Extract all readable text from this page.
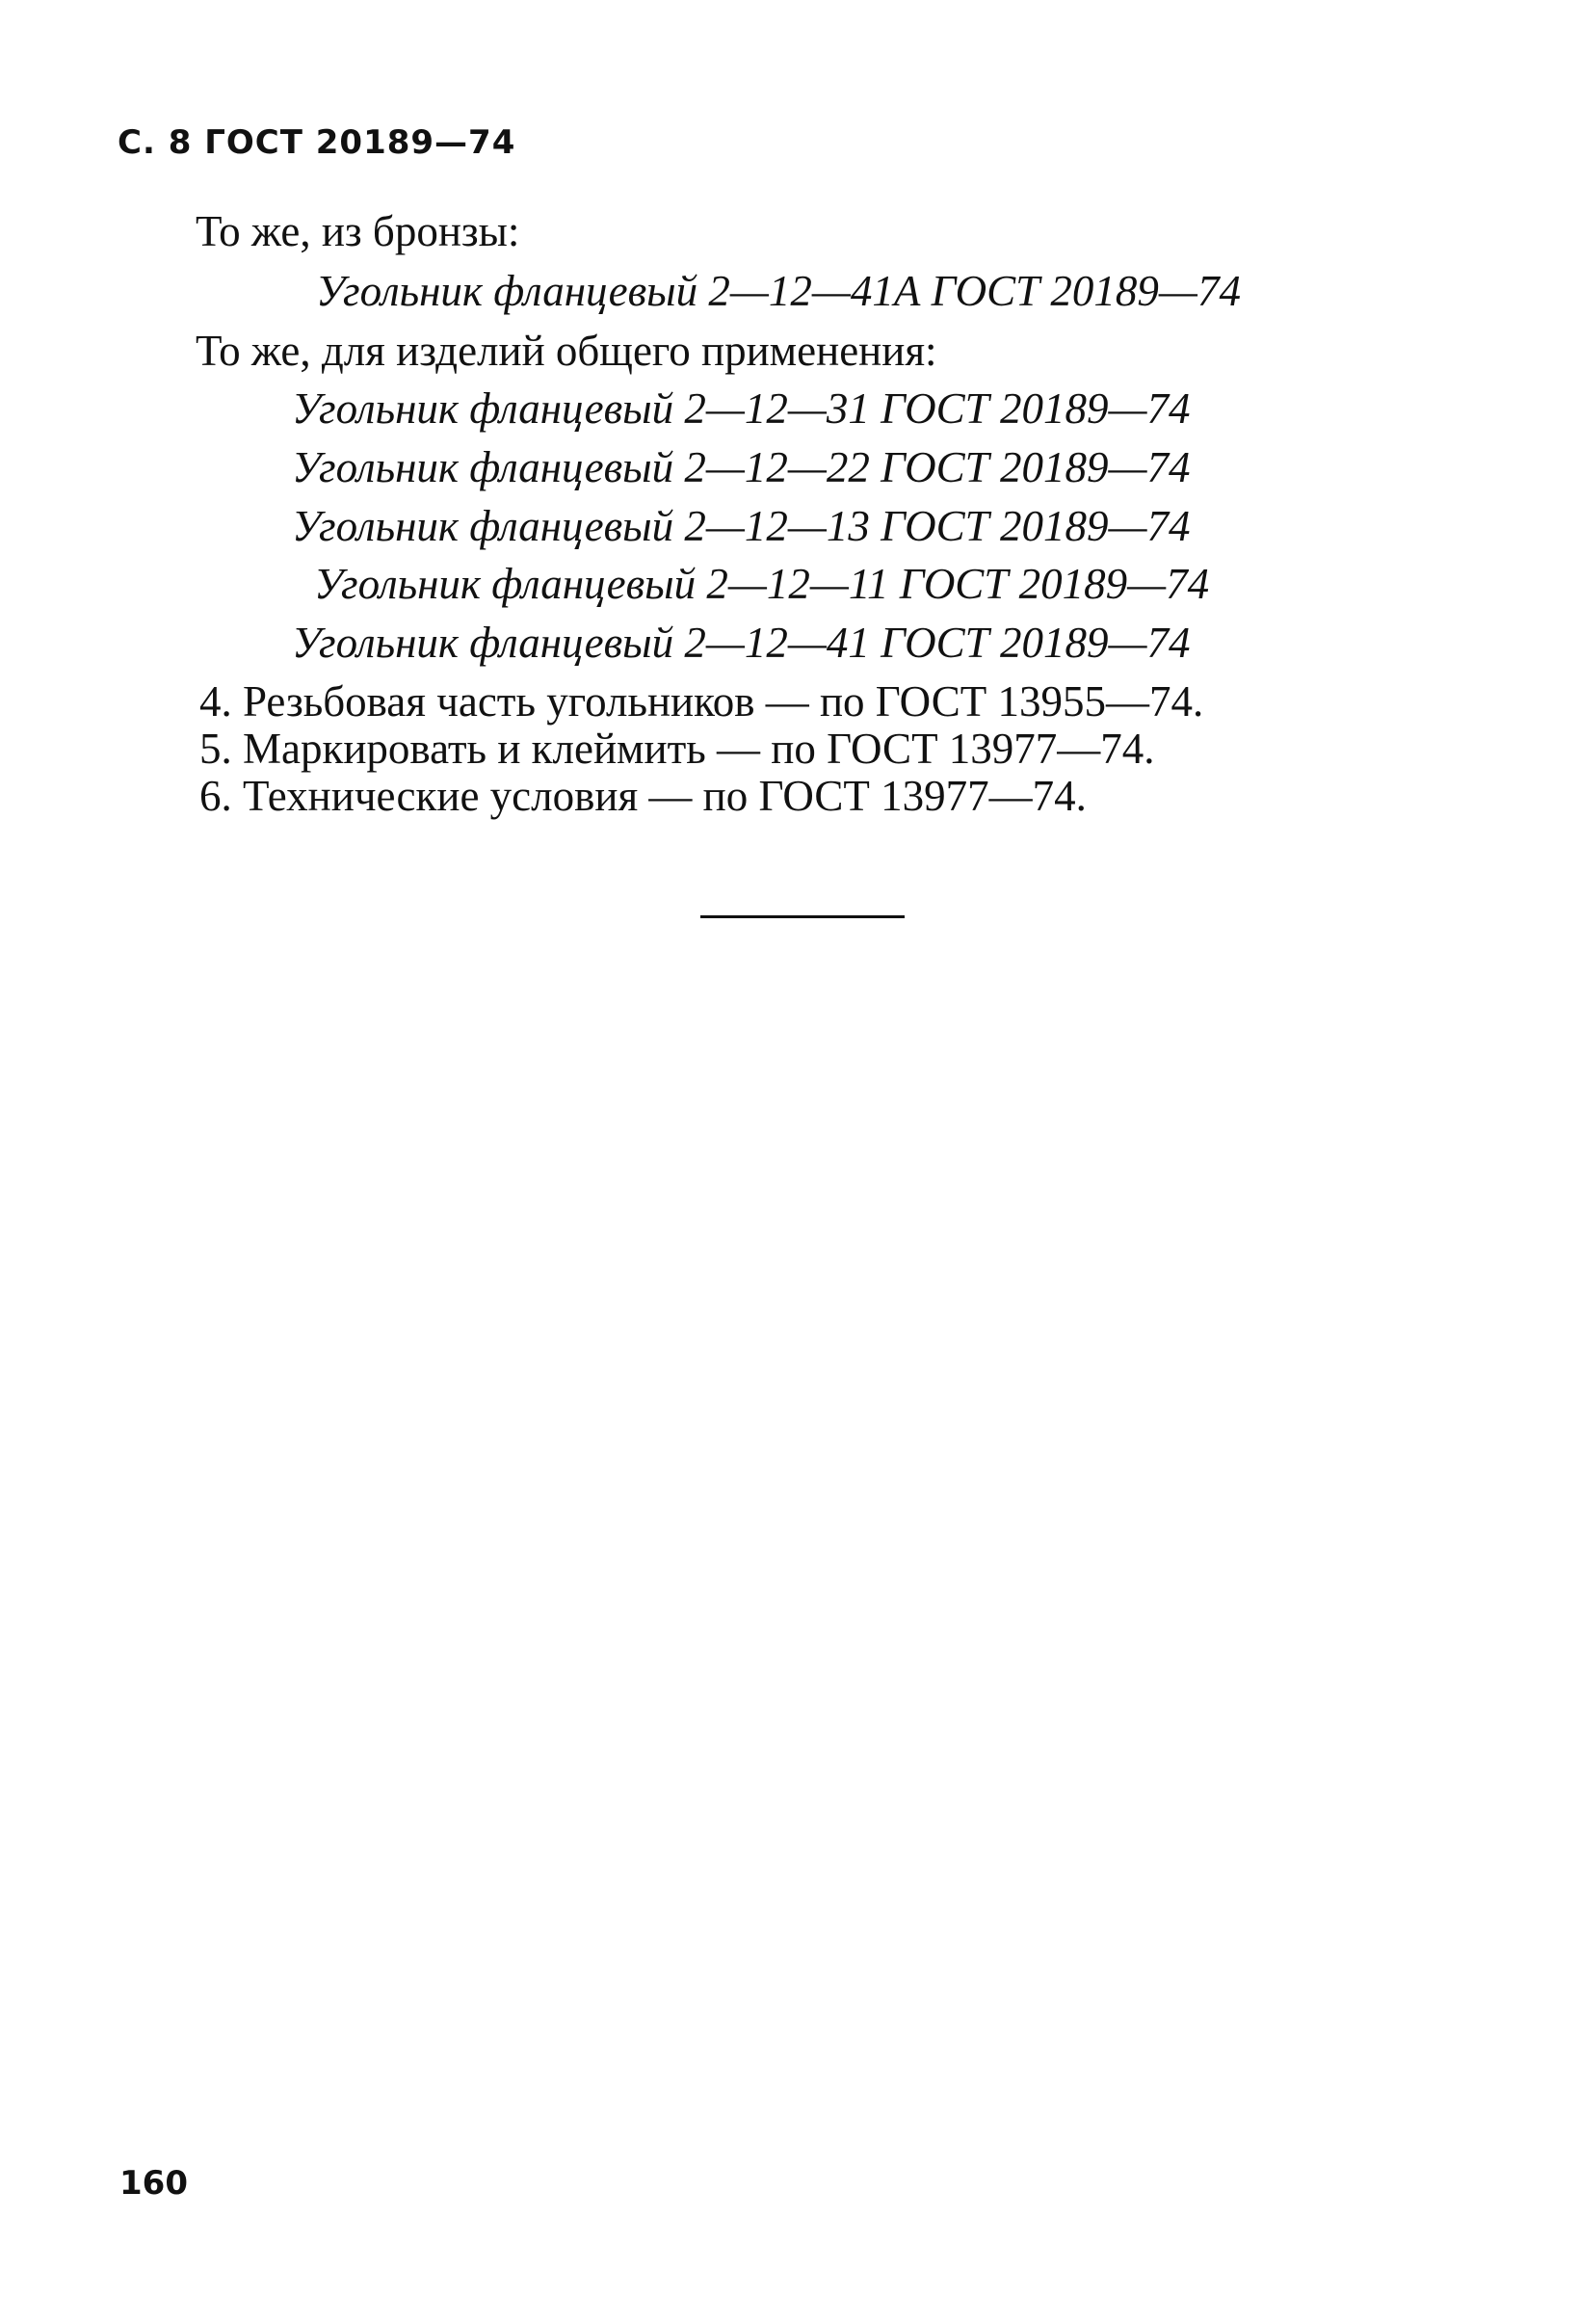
С. 8 ГОСТ 20189—74
То же, из бронзы:
Угольник фланцевый 2—12—41А ГОСТ 20189—74
То же, для изделий общего применения:
Угольник фланцевый 2—12—31 ГОСТ 20189—74
Угольник фланцевый 2—12—22 ГОСТ 20189—74
Угольник фланцевый 2—12—13 ГОСТ 20189—74
Угольник фланцевый 2—12—11 ГОСТ 20189—74
Угольник фланцевый 2—12—41 ГОСТ 20189—74
4. Резьбовая часть угольников — по ГОСТ 13955—74.
5. Маркировать и клеймить — по ГОСТ 13977—74.
6. Технические условия — по ГОСТ 13977—74.
160
